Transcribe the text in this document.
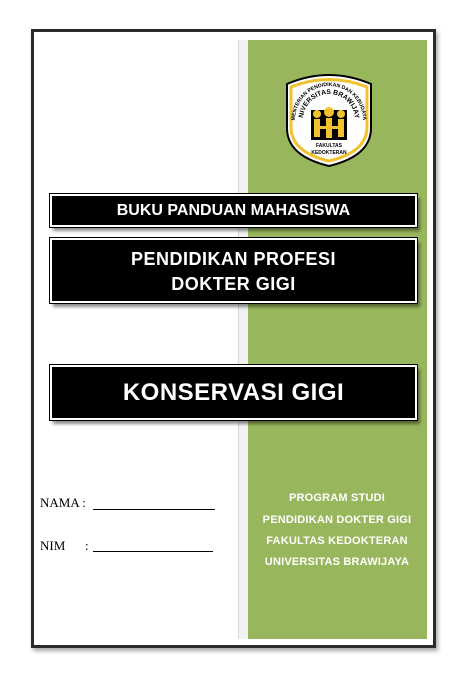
MENTERIAN PENDIDIKAN DAN KEBUDAYA
NIVERSITAS BRAWIJAY
FAKULTAS
KEDOKTERAN
BUKU PANDUAN MAHASISWA
PENDIDIKAN PROFESI
DOKTER GIGI
KONSERVASI GIGI
NAMA :
NIM :
PROGRAM STUDI
PENDIDIKAN DOKTER GIGI
FAKULTAS KEDOKTERAN
UNIVERSITAS BRAWIJAYA
